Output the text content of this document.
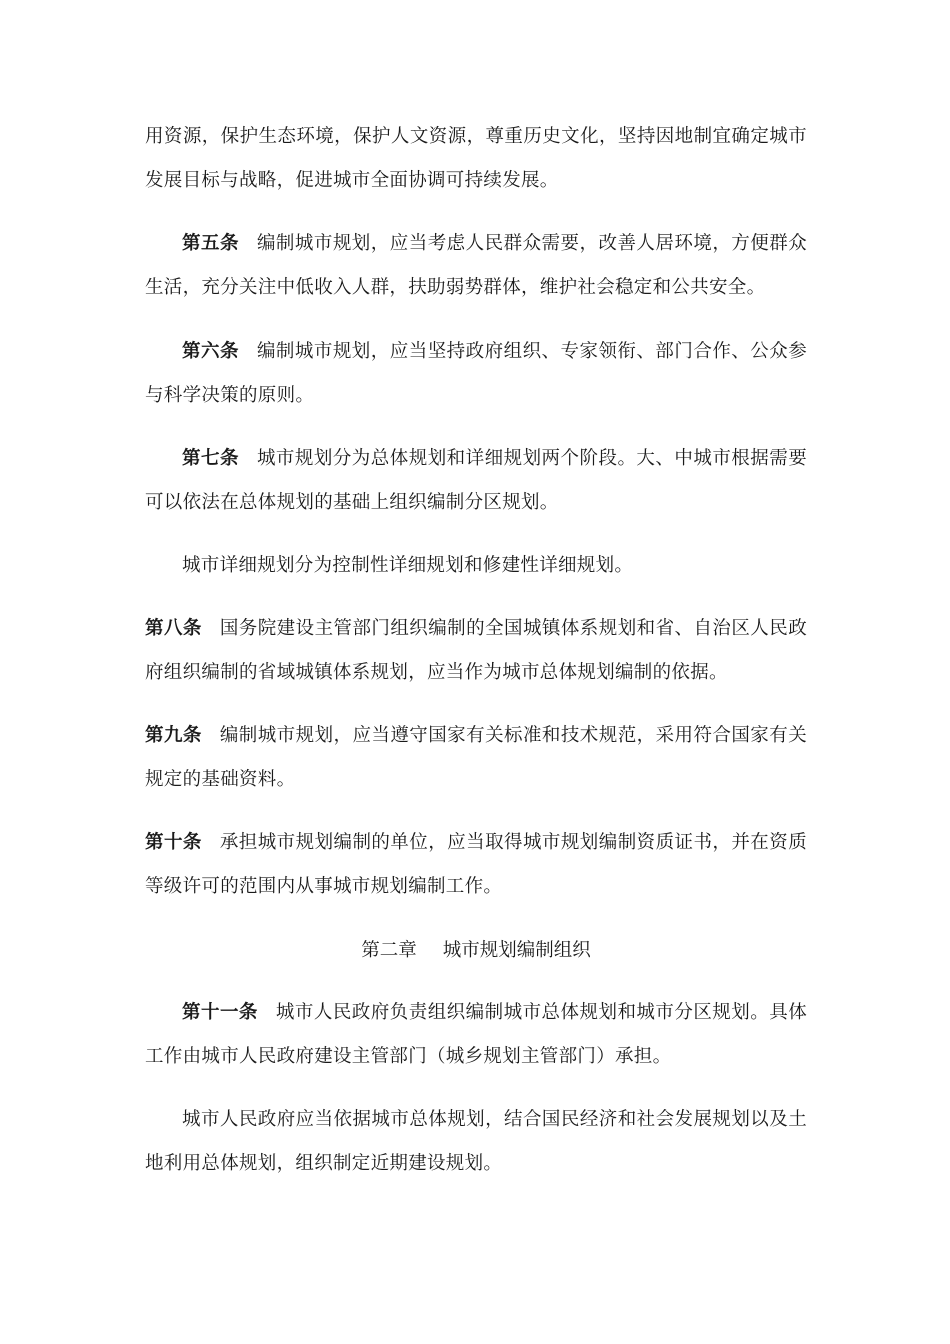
用资源，保护生态环境，保护人文资源，尊重历史文化，坚持因地制宜确定城市发展目标与战略，促进城市全面协调可持续发展。

第五条 编制城市规划，应当考虑人民群众需要，改善人居环境，方便群众生活，充分关注中低收入人群，扶助弱势群体，维护社会稳定和公共安全。

第六条 编制城市规划，应当坚持政府组织、专家领衔、部门合作、公众参与科学决策的原则。

第七条 城市规划分为总体规划和详细规划两个阶段。大、中城市根据需要可以依法在总体规划的基础上组织编制分区规划。

城市详细规划分为控制性详细规划和修建性详细规划。

第八条 国务院建设主管部门组织编制的全国城镇体系规划和省、自治区人民政府组织编制的省域城镇体系规划，应当作为城市总体规划编制的依据。

第九条 编制城市规划，应当遵守国家有关标准和技术规范，采用符合国家有关规定的基础资料。

第十条 承担城市规划编制的单位，应当取得城市规划编制资质证书，并在资质等级许可的范围内从事城市规划编制工作。

第二章 城市规划编制组织

第十一条 城市人民政府负责组织编制城市总体规划和城市分区规划。具体工作由城市人民政府建设主管部门（城乡规划主管部门）承担。

城市人民政府应当依据城市总体规划，结合国民经济和社会发展规划以及土地利用总体规划，组织制定近期建设规划。
